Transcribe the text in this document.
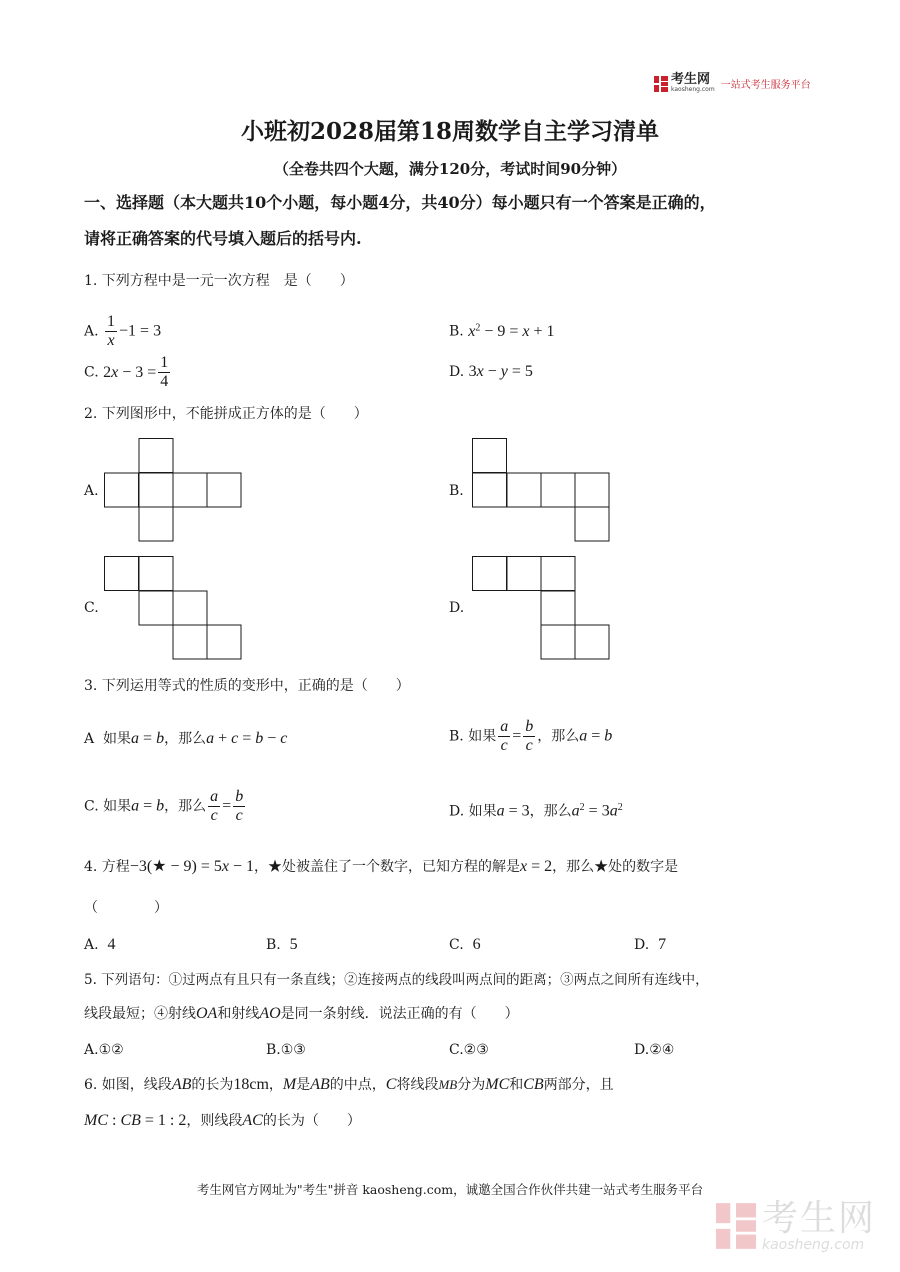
考生网
kaosheng.com 一站式考生服务平台
小班初2028届第18周数学自主学习清单
（全卷共四个大题，满分120分，考试时间90分钟）
一、选择题（本大题共10个小题，每小题4分，共40分）每小题只有一个答案是正确的，
请将正确答案的代号填入题后的括号内.
1. 下列方程中是一元一次方程　是（　　）
A. $\frac{1}{x} -1 = 3$	B. $x^2 - 9 = x + 1$
C. $2x - 3 = \frac{1}{4}$	D. 3x − y = 5
2. 下列图形中，不能拼成正方体的是（　　）
A.	B.
C.	D.
3. 下列运用等式的性质的变形中，正确的是（　　）
A 如果a = b，那么a + c = b − c	B. 如果 $\frac{a}{c} = \frac{b}{c}$ ，那么a = b
C. 如果a = b，那么 $\frac{a}{c} = \frac{b}{c}$	D. 如果a = 3，那么$a^2 = 3a^2$
4. 方程−3(★ − 9) = 5x − 1，★处被盖住了一个数字，已知方程的解是x = 2，那么★处的数字是
（　　　　）
A. 4	B. 5	C. 6	D. 7
5. 下列语句：①过两点有且只有一条直线；②连接两点的线段叫两点间的距离；③两点之间所有连线中，
线段最短；④射线OA和射线AO是同一条射线．说法正确的有（　　）
A.①②	B.①③	C.②③	D.②④
6. 如图，线段AB的长为18cm，M是AB的中点，C将线段MB分为MC和CB两部分，且
MC : CB = 1 : 2，则线段AC的长为（　　）
考生网官方网址为"考生"拼音 kaosheng.com，诚邀全国合作伙伴共建一站式考生服务平台
考生网
kaosheng.com
